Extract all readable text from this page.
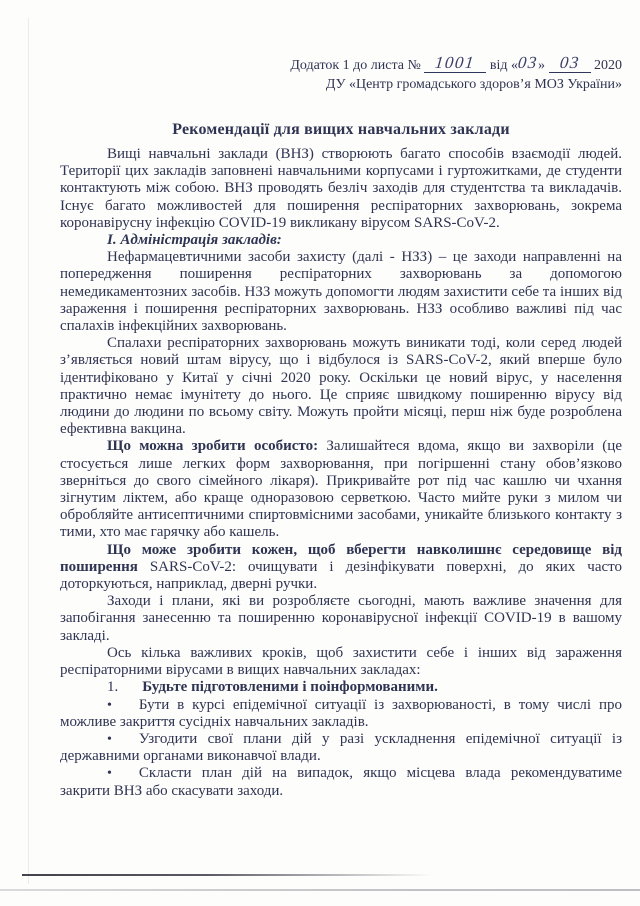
Додаток 1 до листа № 1001 від «03» 03 2020
ДУ «Центр громадського здоров’я МОЗ України»
Рекомендації для вищих навчальних заклади

Вищі навчальні заклади (ВНЗ) створюють багато способів взаємодії людей. Території цих закладів заповнені навчальними корпусами і гуртожитками, де студенти контактують між собою. ВНЗ проводять безліч заходів для студентства та викладачів. Існує багато можливостей для поширення респіраторних захворювань, зокрема коронавірусну інфекцію COVID-19 викликану вірусом SARS-CoV-2.

І. Адміністрація закладів:

Нефармацевтичними засоби захисту (далі - НЗЗ) – це заходи направленні на попередження поширення респіраторних захворювань за допомогою немедикаментозних засобів. НЗЗ можуть допомогти людям захистити себе та інших від зараження і поширення респіраторних захворювань. НЗЗ особливо важливі під час спалахів інфекційних захворювань.

Спалахи респіраторних захворювань можуть виникати тоді, коли серед людей з’являється новий штам вірусу, що і відбулося із SARS-CoV-2, який вперше було ідентифіковано у Китаї у січні 2020 року. Оскільки це новий вірус, у населення практично немає імунітету до нього. Це сприяє швидкому поширенню вірусу від людини до людини по всьому світу. Можуть пройти місяці, перш ніж буде розроблена ефективна вакцина.

Що можна зробити особисто: Залишайтеся вдома, якщо ви захворіли (це стосується лише легких форм захворювання, при погіршенні стану обов’язково зверніться до свого сімейного лікаря). Прикривайте рот під час кашлю чи чхання зігнутим ліктем, або краще одноразовою серветкою. Часто мийте руки з милом чи обробляйте антисептичними спиртовмісними засобами, уникайте близького контакту з тими, хто має гарячку або кашель.

Що може зробити кожен, щоб вберегти навколишнє середовище від поширення SARS-CoV-2: очищувати і дезінфікувати поверхні, до яких часто доторкуються, наприклад, дверні ручки.

Заходи і плани, які ви розробляєте сьогодні, мають важливе значення для запобігання занесенню та поширенню коронавірусної інфекції COVID-19 в вашому закладі.

Ось кілька важливих кроків, щоб захистити себе і інших від зараження респіраторними вірусами в вищих навчальних закладах:

1. Будьте підготовленими і поінформованими.

• Бути в курсі епідемічної ситуації із захворюваності, в тому числі про можливе закриття сусідніх навчальних закладів.

• Узгодити свої плани дій у разі ускладнення епідемічної ситуації із державними органами виконавчої влади.

• Скласти план дій на випадок, якщо місцева влада рекомендуватиме закрити ВНЗ або скасувати заходи.
